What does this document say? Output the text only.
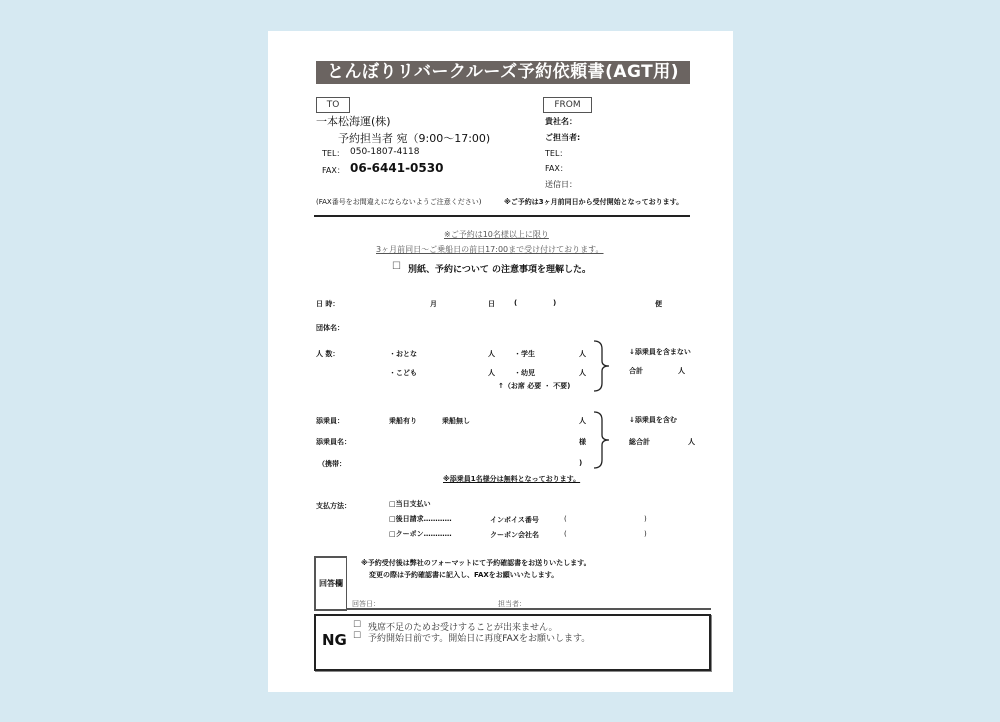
とんぼりリバークルーズ予約依頼書(AGT用)
TO
一本松海運(株)
予約担当者 宛（9:00～17:00)
TEL： 050-1807-4118
FAX： 06-6441-0530
(FAX番号をお間違えにならないようご注意ください)
FROM
貴社名：
ご担当者:
TEL：
FAX：
送信日：
※ご予約は3ヶ月前同日から受付開始となっております。
※ご予約は10名様以上に限り
3ヶ月前同日～ご乗船日の前日17:00まで受け付けております。
☐ 別紙、予約について の注意事項を理解した。
日 時：	月	日	(	)	便
団体名：
人 数：	・おとな	人	・学生	人
・こども	人	・幼児	人
↑（お席 必要 ・ 不要)
↓添乗員を含まない
合計	人
添乗員：	乗船有り	乗船無し	人
添乗員名：	様
（携帯：	)
※添乗員1名様分は無料となっております。
↓添乗員を含む
総合計	人
支払方法：	□当日支払い
□後日請求…………	インボイス番号	(	)
□クーポン…………	クーポン会社名	(	)
回答欄
※予約受付後は弊社のフォーマットにて予約確認書をお送りいたします。
変更の際は予約確認書に記入し、FAXをお願いいたします。
回答日：	担当者：
NG
☐ 残席不足のためお受けすることが出来ません。
☐ 予約開始日前です。開始日に再度FAXをお願いします。
